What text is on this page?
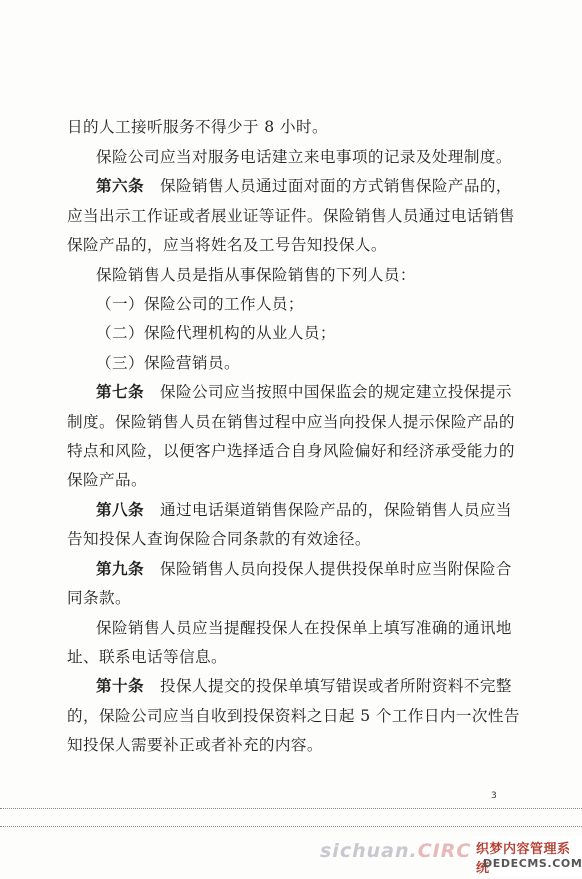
日的人工接听服务不得少于 8 小时。
保险公司应当对服务电话建立来电事项的记录及处理制度。
第六条　保险销售人员通过面对面的方式销售保险产品的，
应当出示工作证或者展业证等证件。保险销售人员通过电话销售
保险产品的，应当将姓名及工号告知投保人。
保险销售人员是指从事保险销售的下列人员：
（一）保险公司的工作人员；
（二）保险代理机构的从业人员；
（三）保险营销员。
第七条　保险公司应当按照中国保监会的规定建立投保提示
制度。保险销售人员在销售过程中应当向投保人提示保险产品的
特点和风险，以便客户选择适合自身风险偏好和经济承受能力的
保险产品。
第八条　通过电话渠道销售保险产品的，保险销售人员应当
告知投保人查询保险合同条款的有效途径。
第九条　保险销售人员向投保人提供投保单时应当附保险合
同条款。
保险销售人员应当提醒投保人在投保单上填写准确的通讯地
址、联系电话等信息。
第十条　投保人提交的投保单填写错误或者所附资料不完整
的，保险公司应当自收到投保资料之日起 5 个工作日内一次性告
知投保人需要补正或者补充的内容。
3
sichuan.CIRC 织梦内容管理系统
DEDECMS.COM
